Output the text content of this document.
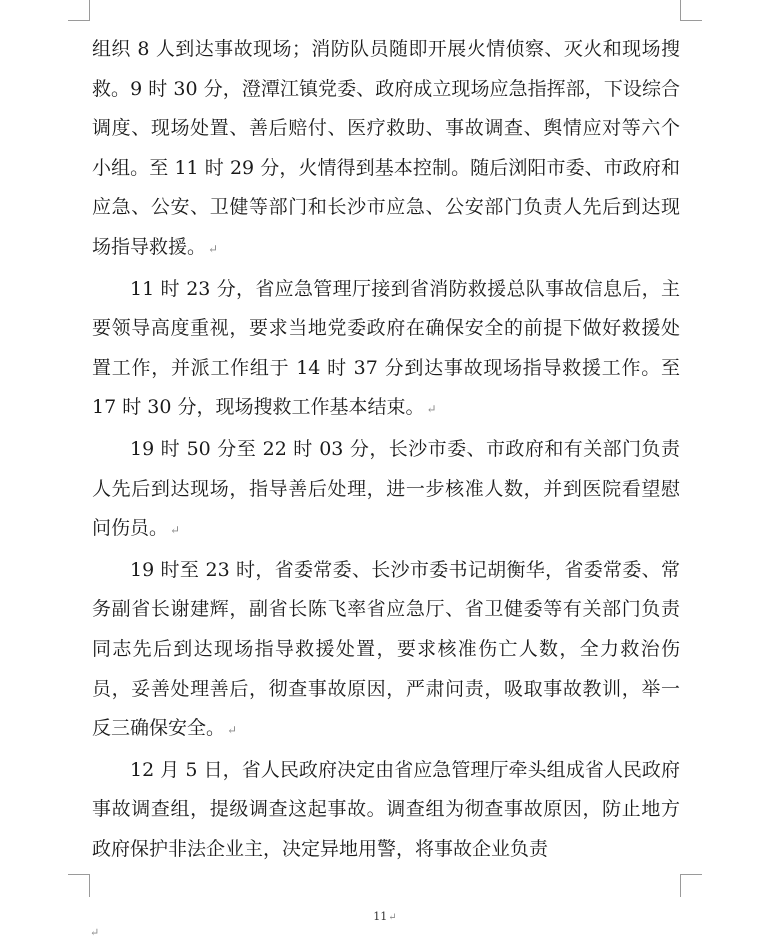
组织 8 人到达事故现场；消防队员随即开展火情侦察、灭火和现场搜救。9 时 30 分，澄潭江镇党委、政府成立现场应急指挥部，下设综合调度、现场处置、善后赔付、医疗救助、事故调查、舆情应对等六个小组。至 11 时 29 分，火情得到基本控制。随后浏阳市委、市政府和应急、公安、卫健等部门和长沙市应急、公安部门负责人先后到达现场指导救援。 ↵

11 时 23 分，省应急管理厅接到省消防救援总队事故信息后，主要领导高度重视，要求当地党委政府在确保安全的前提下做好救援处置工作，并派工作组于 14 时 37 分到达事故现场指导救援工作。至 17 时 30 分，现场搜救工作基本结束。 ↵

19 时 50 分至 22 时 03 分，长沙市委、市政府和有关部门负责人先后到达现场，指导善后处理，进一步核准人数，并到医院看望慰问伤员。 ↵

19 时至 23 时，省委常委、长沙市委书记胡衡华，省委常委、常务副省长谢建辉，副省长陈飞率省应急厅、省卫健委等有关部门负责同志先后到达现场指导救援处置，要求核准伤亡人数，全力救治伤员，妥善处理善后，彻查事故原因，严肃问责，吸取事故教训，举一反三确保安全。 ↵

12 月 5 日，省人民政府决定由省应急管理厅牵头组成省人民政府事故调查组，提级调查这起事故。调查组为彻查事故原因，防止地方政府保护非法企业主，决定异地用警，将事故企业负责

11↵
↵
